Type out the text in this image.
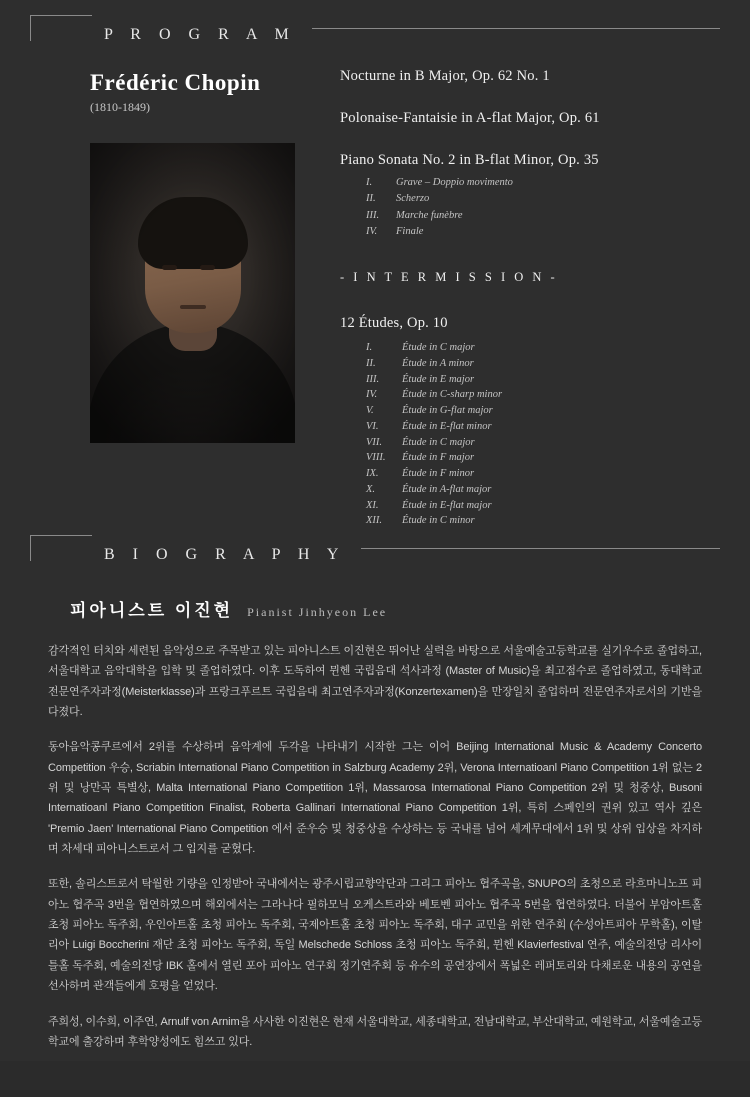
P R O G R A M
Frédéric Chopin
(1810-1849)
Nocturne in B Major, Op. 62 No. 1
Polonaise-Fantaisie in A-flat Major, Op. 61
Piano Sonata No. 2 in B-flat Minor, Op. 35
I.	Grave – Doppio movimento
II.	Scherzo
III.	Marche funèbre
IV.	Finale
- I N T E R M I S S I O N -
12 Études, Op. 10
I.	Étude in C major
II.	Étude in A minor
III.	Étude in E major
IV.	Étude in C-sharp minor
V.	Étude in G-flat major
VI.	Étude in E-flat minor
VII.	Étude in C major
VIII.	Étude in F major
IX.	Étude in F minor
X.	Étude in A-flat major
XI.	Étude in E-flat major
XII.	Étude in C minor
B I O G R A P H Y
피아니스트 이진현 Pianist Jinhyeon Lee

감각적인 터치와 세련된 음악성으로 주목받고 있는 피아니스트 이진현은 뛰어난 실력을 바탕으로 서울예술고등학교를 실기우수로 졸업하고, 서울대학교 음악대학을 입학 및 졸업하였다. 이후 도독하여 뮌헨 국립음대 석사과정 (Master of Music)을 최고점수로 졸업하였고, 동대학교 전문연주자과정(Meisterklasse)과 프랑크푸르트 국립음대 최고연주자과정(Konzertexamen)을 만장일치 졸업하며 전문연주자로서의 기반을 다졌다.

동아음악콩쿠르에서 2위를 수상하며 음악계에 두각을 나타내기 시작한 그는 이어 Beijing International Music & Academy Concerto Competition 우승, Scriabin International Piano Competition in Salzburg Academy 2위, Verona Internatioanl Piano Competition 1위 없는 2위 및 낭만곡 특별상, Malta International Piano Competition 1위, Massarosa International Piano Competition 2위 및 청중상, Busoni Internatioanl Piano Competition Finalist, Roberta Gallinari International Piano Competition 1위, 특히 스페인의 권위 있고 역사 깊은 'Premio Jaen' International Piano Competition 에서 준우승 및 청중상을 수상하는 등 국내를 넘어 세계무대에서 1위 및 상위 입상을 차지하며 차세대 피아니스트로서 그 입지를 굳혔다.

또한, 솔리스트로서 탁월한 기량을 인정받아 국내에서는 광주시립교향악단과 그리그 피아노 협주곡을, SNUPO의 초청으로 라흐마니노프 피아노 협주곡 3번을 협연하였으며 해외에서는 그라나다 필하모닉 오케스트라와 베토벤 피아노 협주곡 5번을 협연하였다. 더불어 부암아트홀 초청 피아노 독주회, 우인아트홀 초청 피아노 독주회, 국제아트홀 초청 피아노 독주회, 대구 교민을 위한 연주회 (수성아트피아 무학홀), 이탈리아 Luigi Boccherini 재단 초청 피아노 독주회, 독일 Melschede Schloss 초청 피아노 독주회, 뮌헨 Klavierfestival 연주, 예술의전당 리사이틀홀 독주회, 예술의전당 IBK 홀에서 열린 포아 피아노 연구회 정기연주회 등 유수의 공연장에서 폭넓은 레퍼토리와 다채로운 내용의 공연을 선사하며 관객들에게 호평을 얻었다.

주희성, 이수희, 이주연, Arnulf von Arnim을 사사한 이진현은 현재 서울대학교, 세종대학교, 전남대학교, 부산대학교, 예원학교, 서울예술고등학교에 출강하며 후학양성에도 힘쓰고 있다.
